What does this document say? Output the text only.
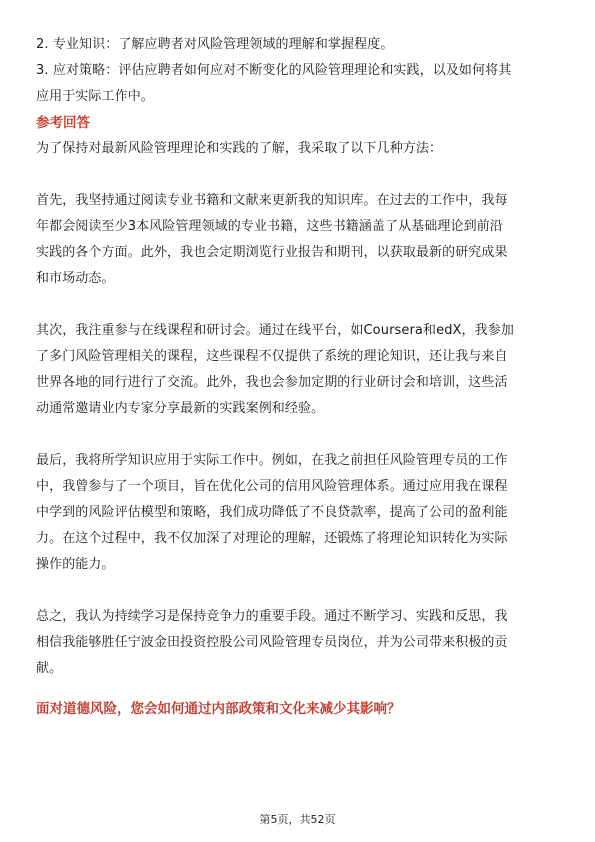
2. 专业知识：了解应聘者对风险管理领域的理解和掌握程度。
3. 应对策略：评估应聘者如何应对不断变化的风险管理理论和实践，以及如何将其
应用于实际工作中。
参考回答
为了保持对最新风险管理理论和实践的了解，我采取了以下几种方法：
首先，我坚持通过阅读专业书籍和文献来更新我的知识库。在过去的工作中，我每
年都会阅读至少3本风险管理领域的专业书籍，这些书籍涵盖了从基础理论到前沿
实践的各个方面。此外，我也会定期浏览行业报告和期刊，以获取最新的研究成果
和市场动态。
其次，我注重参与在线课程和研讨会。通过在线平台，如Coursera和edX，我参加
了多门风险管理相关的课程，这些课程不仅提供了系统的理论知识，还让我与来自
世界各地的同行进行了交流。此外，我也会参加定期的行业研讨会和培训，这些活
动通常邀请业内专家分享最新的实践案例和经验。
最后，我将所学知识应用于实际工作中。例如，在我之前担任风险管理专员的工作
中，我曾参与了一个项目，旨在优化公司的信用风险管理体系。通过应用我在课程
中学到的风险评估模型和策略，我们成功降低了不良贷款率，提高了公司的盈利能
力。在这个过程中，我不仅加深了对理论的理解，还锻炼了将理论知识转化为实际
操作的能力。
总之，我认为持续学习是保持竞争力的重要手段。通过不断学习、实践和反思，我
相信我能够胜任宁波金田投资控股公司风险管理专员岗位，并为公司带来积极的贡
献。
面对道德风险，您会如何通过内部政策和文化来减少其影响？
第5页，共52页
